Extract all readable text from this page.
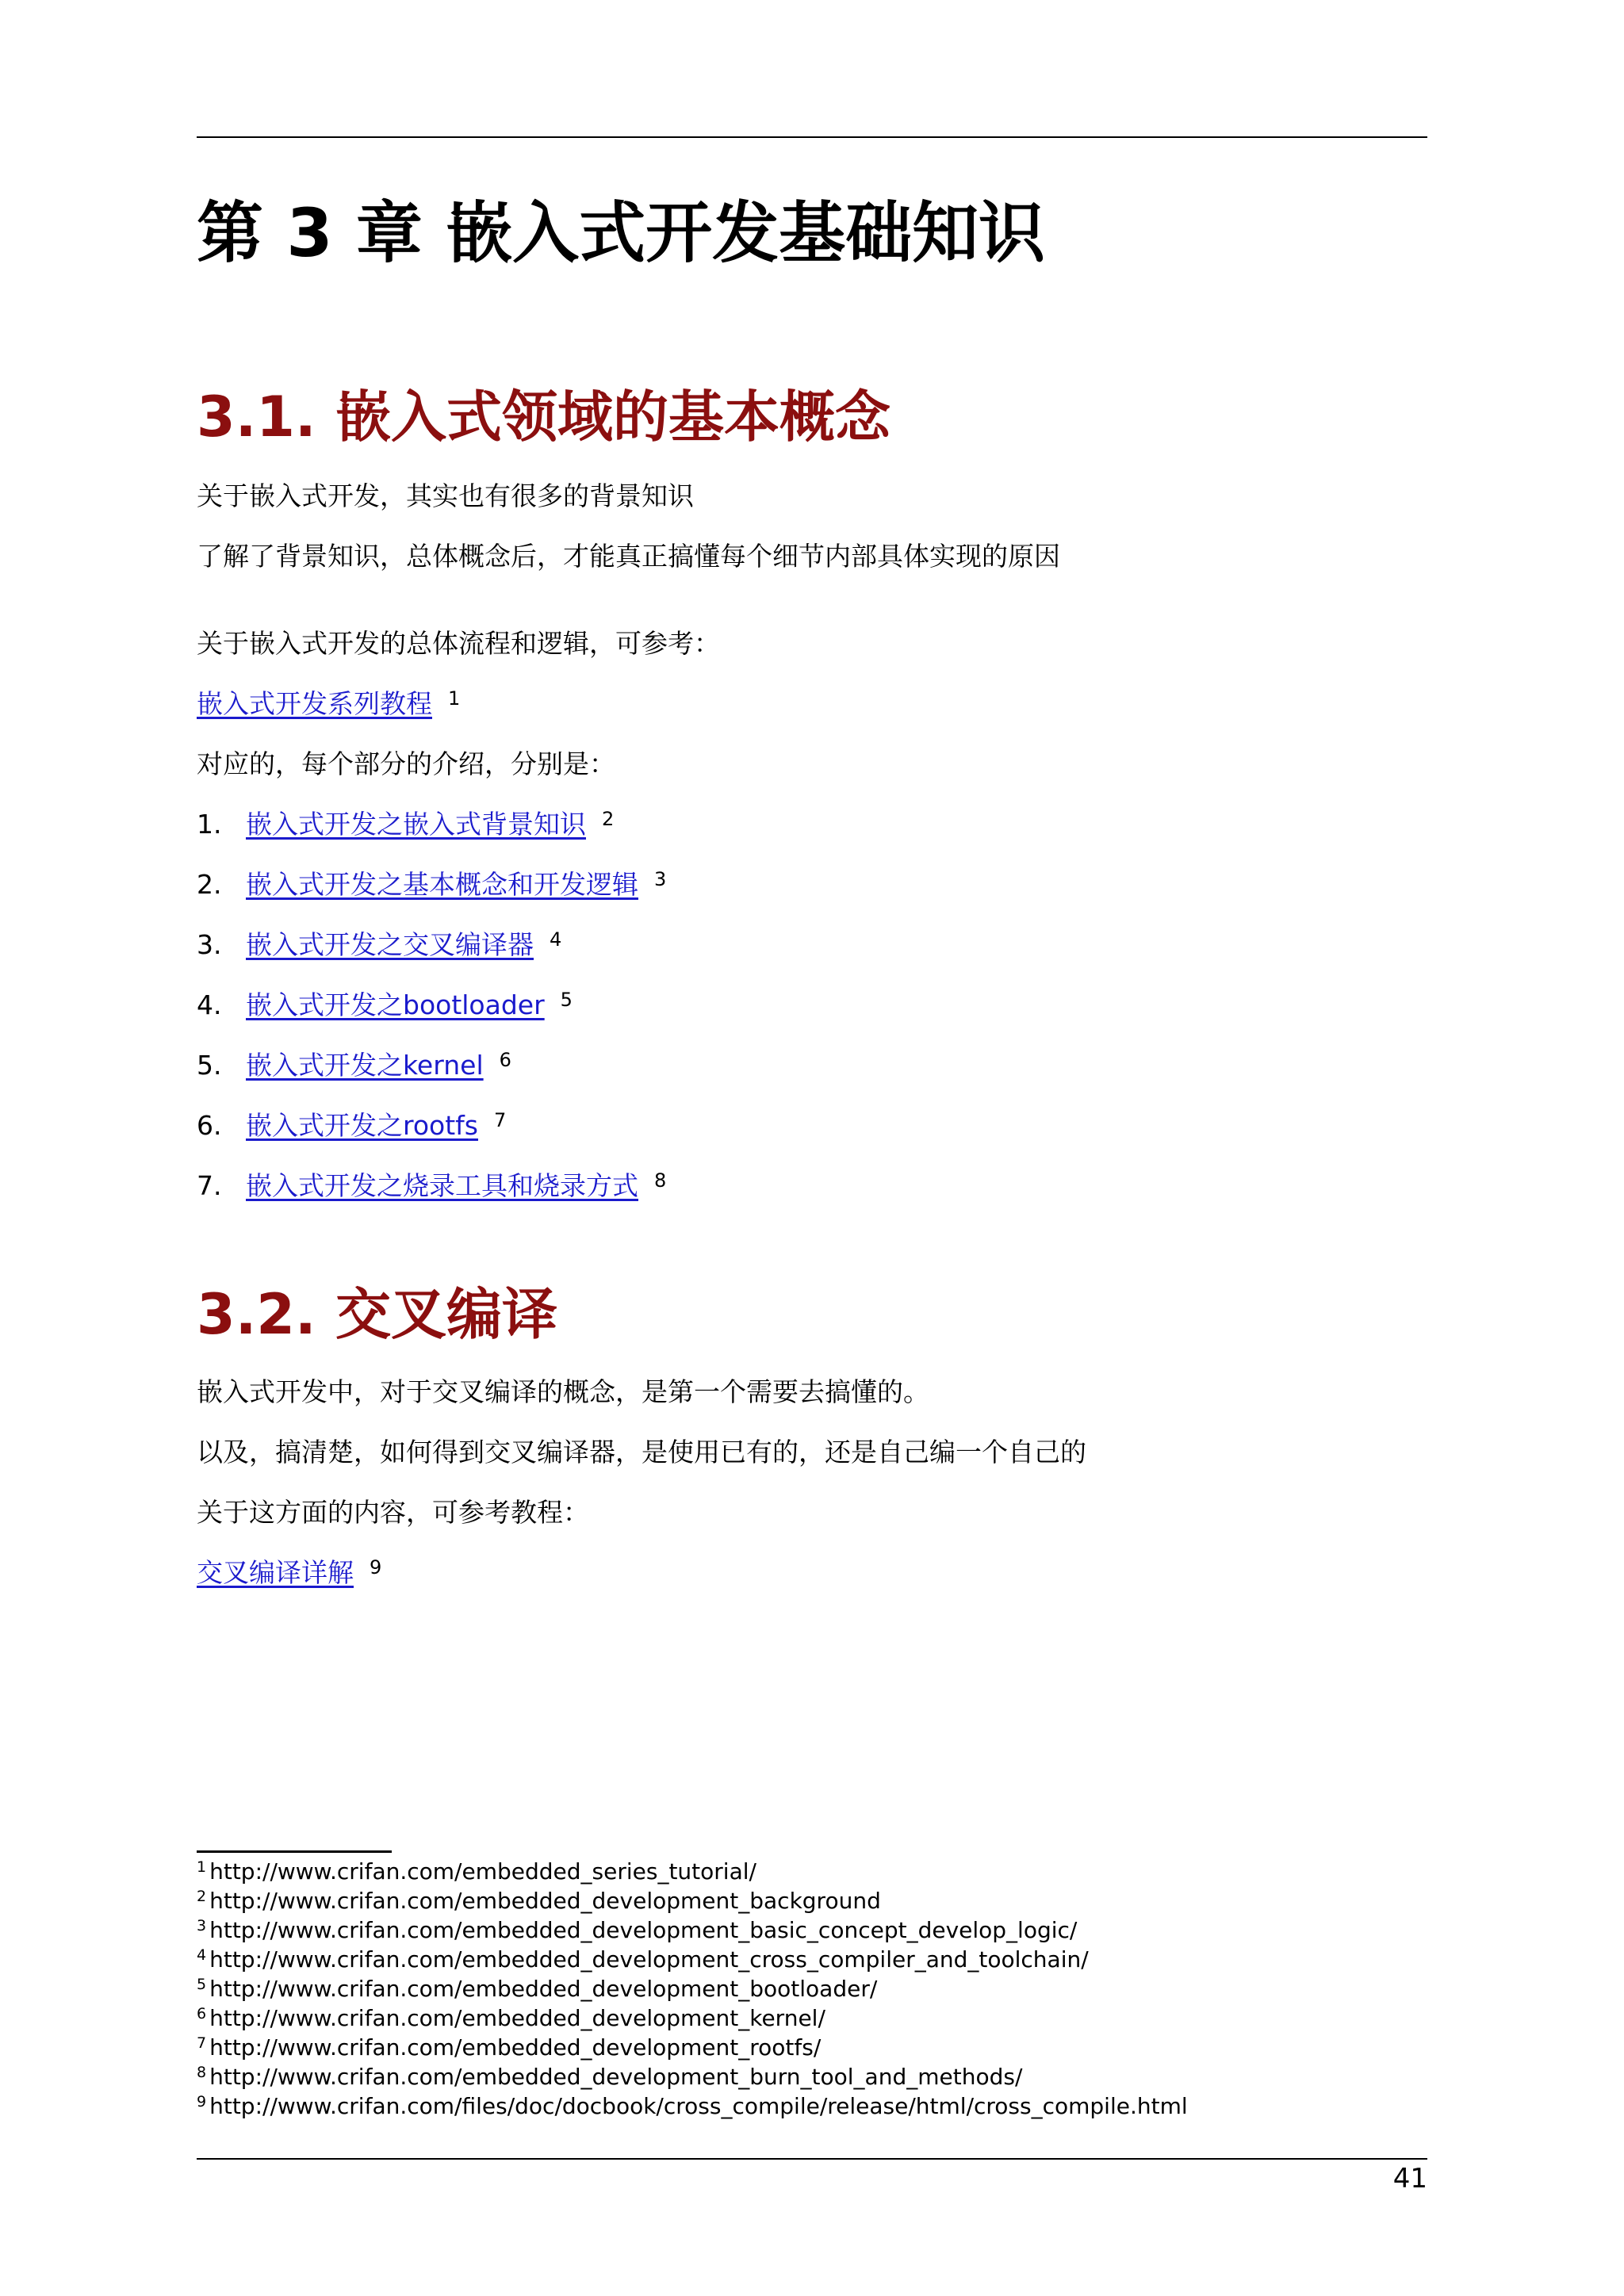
第 3 章 嵌入式开发基础知识
3.1. 嵌入式领域的基本概念

关于嵌入式开发，其实也有很多的背景知识

了解了背景知识，总体概念后，才能真正搞懂每个细节内部具体实现的原因

关于嵌入式开发的总体流程和逻辑，可参考：

嵌入式开发系列教程 $^1$

对应的，每个部分的介绍，分别是：

1. 嵌入式开发之嵌入式背景知识 $^2$

2. 嵌入式开发之基本概念和开发逻辑 $^3$

3. 嵌入式开发之交叉编译器 $^4$

4. 嵌入式开发之bootloader $^5$

5. 嵌入式开发之kernel $^6$

6. 嵌入式开发之rootfs $^7$

7. 嵌入式开发之烧录工具和烧录方式 $^8$

3.2. 交叉编译

嵌入式开发中，对于交叉编译的概念，是第一个需要去搞懂的。

以及，搞清楚，如何得到交叉编译器，是使用已有的，还是自己编一个自己的

关于这方面的内容，可参考教程：

交叉编译详解 $^9$

$^1$ http://www.crifan.com/embedded_series_tutorial/
$^2$ http://www.crifan.com/embedded_development_background
$^3$ http://www.crifan.com/embedded_development_basic_concept_develop_logic/
$^4$ http://www.crifan.com/embedded_development_cross_compiler_and_toolchain/
$^5$ http://www.crifan.com/embedded_development_bootloader/
$^6$ http://www.crifan.com/embedded_development_kernel/
$^7$ http://www.crifan.com/embedded_development_rootfs/
$^8$ http://www.crifan.com/embedded_development_burn_tool_and_methods/
$^9$ http://www.crifan.com/files/doc/docbook/cross_compile/release/html/cross_compile.html
41
